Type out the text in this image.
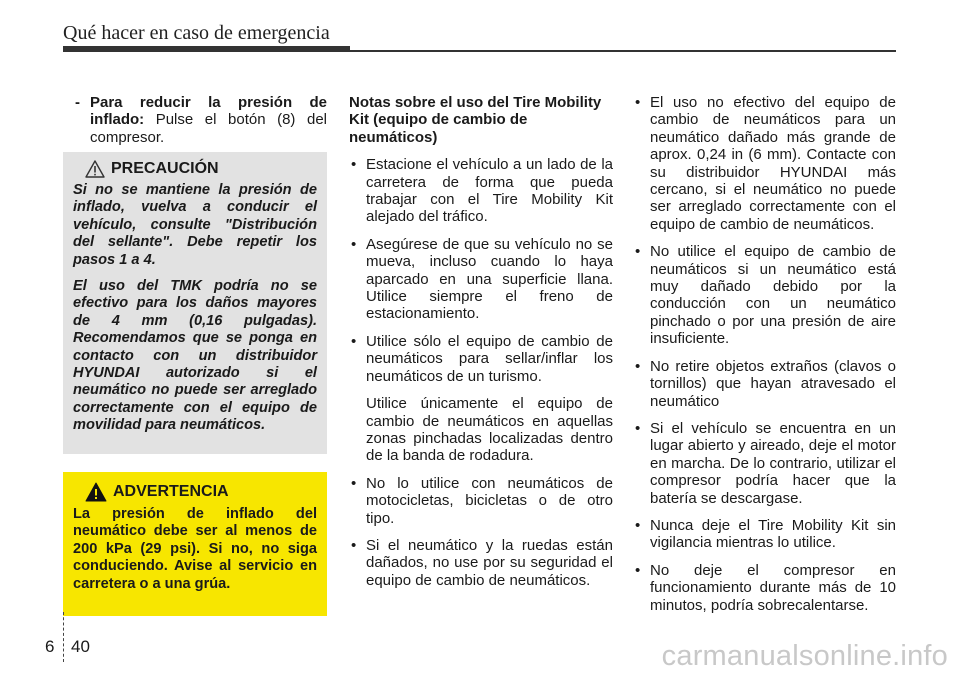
Qué hacer en caso de emergencia
- Para reducir la presión de inflado: Pulse el botón (8) del compresor.
PRECAUCIÓN

Si no se mantiene la presión de inflado, vuelva a conducir el vehículo, consulte "Distribución del sellante". Debe repetir los pasos 1 a 4.

El uso del TMK podría no se efectivo para los daños mayores de 4 mm (0,16 pulgadas). Recomendamos que se ponga en contacto con un distribuidor HYUNDAI autorizado si el neumático no puede ser arreglado correctamente con el equipo de movilidad para neumáticos.

ADVERTENCIA

La presión de inflado del neumático debe ser al menos de 200 kPa (29 psi). Si no, no siga conduciendo. Avise al servicio en carretera o a una grúa.

Notas sobre el uso del Tire Mobility Kit (equipo de cambio de neumáticos)

• Estacione el vehículo a un lado de la carretera de forma que pueda trabajar con el Tire Mobility Kit alejado del tráfico.
• Asegúrese de que su vehículo no se mueva, incluso cuando lo haya aparcado en una superficie llana. Utilice siempre el freno de estacionamiento.
• Utilice sólo el equipo de cambio de neumáticos para sellar/inflar los neumáticos de un turismo.
Utilice únicamente el equipo de cambio de neumáticos en aquellas zonas pinchadas localizadas dentro de la banda de rodadura.
• No lo utilice con neumáticos de motocicletas, bicicletas o de otro tipo.
• Si el neumático y la ruedas están dañados, no use por su seguridad el equipo de cambio de neumáticos.
• El uso no efectivo del equipo de cambio de neumáticos para un neumático dañado más grande de aprox. 0,24 in (6 mm). Contacte con su distribuidor HYUNDAI más cercano, si el neumático no puede ser arreglado correctamente con el equipo de cambio de neumáticos.
• No utilice el equipo de cambio de neumáticos si un neumático está muy dañado debido por la conducción con un neumático pinchado o por una presión de aire insuficiente.
• No retire objetos extraños (clavos o tornillos) que hayan atravesado el neumático
• Si el vehículo se encuentra en un lugar abierto y aireado, deje el motor en marcha. De lo contrario, utilizar el compresor podría hacer que la batería se descargase.
• Nunca deje el Tire Mobility Kit sin vigilancia mientras lo utilice.
• No deje el compresor en funcionamiento durante más de 10 minutos, podría sobrecalentarse.
6 40	carmanualsonline.info
